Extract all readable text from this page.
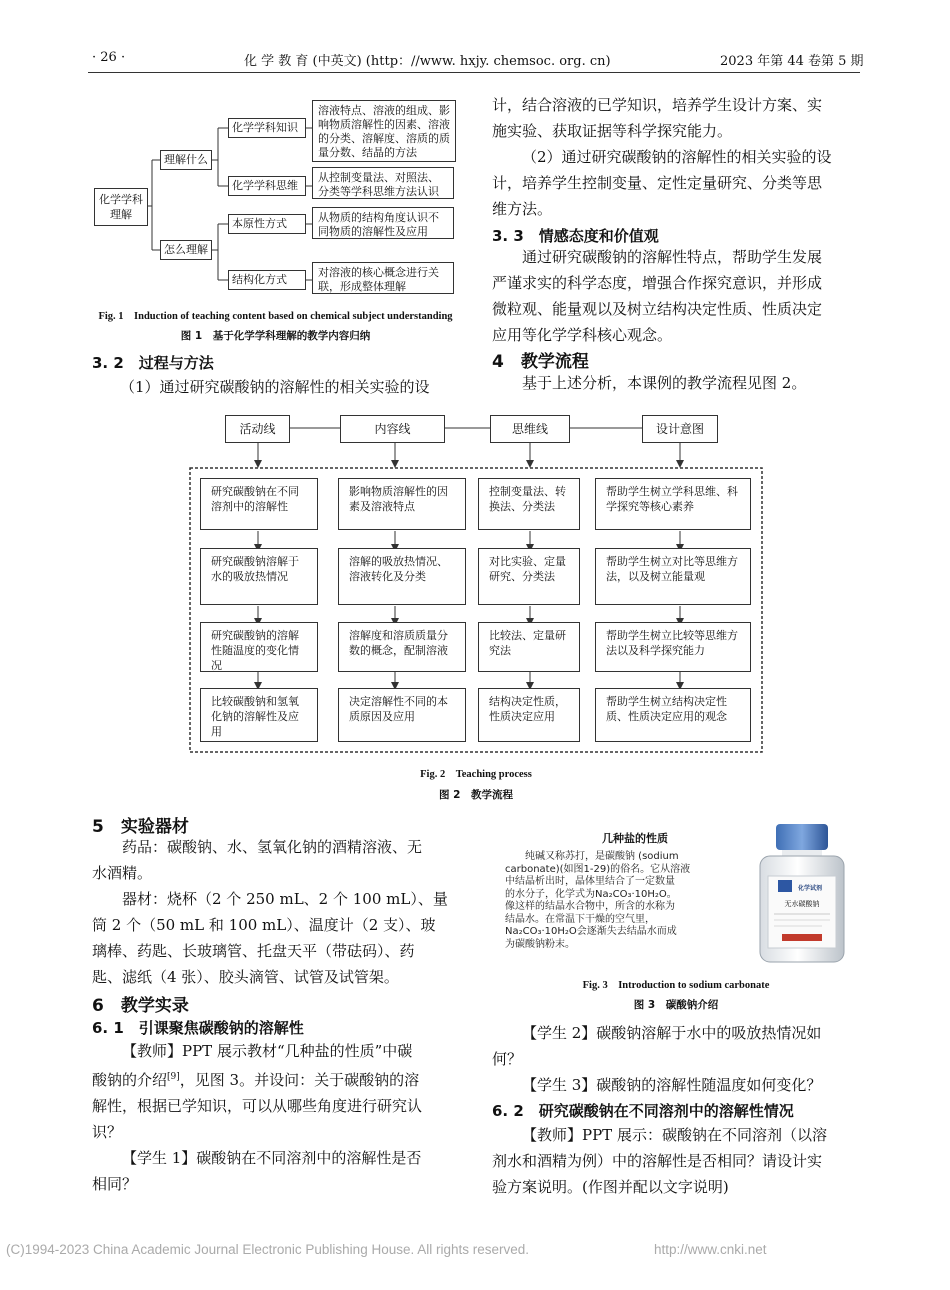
· 26 ·	化 学 教 育 (中英文) (http：//www. hxjy. chemsoc. org. cn)	2023 年第 44 卷第 5 期
化学学科理解
理解什么
怎么理解
化学学科知识
化学学科思维
本原性方式
结构化方式
溶液特点、溶液的组成、影响物质溶解性的因素、溶液的分类、溶解度、溶质的质量分数、结晶的方法
从控制变量法、对照法、分类等学科思维方法认识
从物质的结构角度认识不同物质的溶解性及应用
对溶液的核心概念进行关联，形成整体理解
Fig. 1　Induction of teaching content based on chemical subject understanding
图 1　基于化学学科理解的教学内容归纳
3. 2　过程与方法
（1）通过研究碳酸钠的溶解性的相关实验的设

计，结合溶液的已学知识，培养学生设计方案、实

施实验、获取证据等科学探究能力。

（2）通过研究碳酸钠的溶解性的相关实验的设

计，培养学生控制变量、定性定量研究、分类等思

维方法。

3. 3　情感态度和价值观

通过研究碳酸钠的溶解性特点，帮助学生发展

严谨求实的科学态度，增强合作探究意识，并形成

微粒观、能量观以及树立结构决定性质、性质决定

应用等化学学科核心观念。

4　教学流程
基于上述分析，本课例的教学流程见图 2。
活动线	内容线	思维线	设计意图
研究碳酸钠在不同溶剂中的溶解性
影响物质溶解性的因素及溶液特点
控制变量法、转换法、分类法
帮助学生树立学科思维、科学探究等核心素养
研究碳酸钠溶解于水的吸放热情况
溶解的吸放热情况、溶液转化及分类
对比实验、定量研究、分类法
帮助学生树立对比等思维方法，以及树立能量观
研究碳酸钠的溶解性随温度的变化情况
溶解度和溶质质量分数的概念，配制溶液
比较法、定量研究法
帮助学生树立比较等思维方法以及科学探究能力
比较碳酸钠和氢氧化钠的溶解性及应用
决定溶解性不同的本质原因及应用
结构决定性质，性质决定应用
帮助学生树立结构决定性质、性质决定应用的观念
Fig. 2　Teaching process
图 2　教学流程
5　实验器材

药品：碳酸钠、水、氢氧化钠的酒精溶液、无

水酒精。

器材：烧杯（2 个 250 mL、2 个 100 mL）、量

筒 2 个（50 mL 和 100 mL）、温度计（2 支）、玻

璃棒、药匙、长玻璃管、托盘天平（带砝码）、药

匙、滤纸（4 张）、胶头滴管、试管及试管架。

6　教学实录
6. 1　引课聚焦碳酸钠的溶解性

【教师】PPT 展示教材“几种盐的性质”中碳

酸钠的介绍[9]，见图 3。并设问：关于碳酸钠的溶

解性，根据已学知识，可以从哪些角度进行研究认

识？

【学生 1】碳酸钠在不同溶剂中的溶解性是否

相同？

几种盐的性质
纯碱又称苏打，是碳酸钠 (sodium
carbonate)(如图1-29)的俗名。它从溶液
中结晶析出时，晶体里结合了一定数量
的水分子，化学式为Na₂CO₃·10H₂O。
像这样的结晶水合物中，所含的水称为
结晶水。在常温下干燥的空气里，
Na₂CO₃·10H₂O会逐渐失去结晶水而成
为碳酸钠粉末。
化学试剂
无水碳酸钠
Fig. 3　Introduction to sodium carbonate
图 3　碳酸钠介绍

【学生 2】碳酸钠溶解于水中的吸放热情况如

何？

【学生 3】碳酸钠的溶解性随温度如何变化？

6. 2　研究碳酸钠在不同溶剂中的溶解性情况

【教师】PPT 展示：碳酸钠在不同溶剂（以溶

剂水和酒精为例）中的溶解性是否相同？请设计实

验方案说明。(作图并配以文字说明)

(C)1994-2023 China Academic Journal Electronic Publishing House. All rights reserved.	http://www.cnki.net
